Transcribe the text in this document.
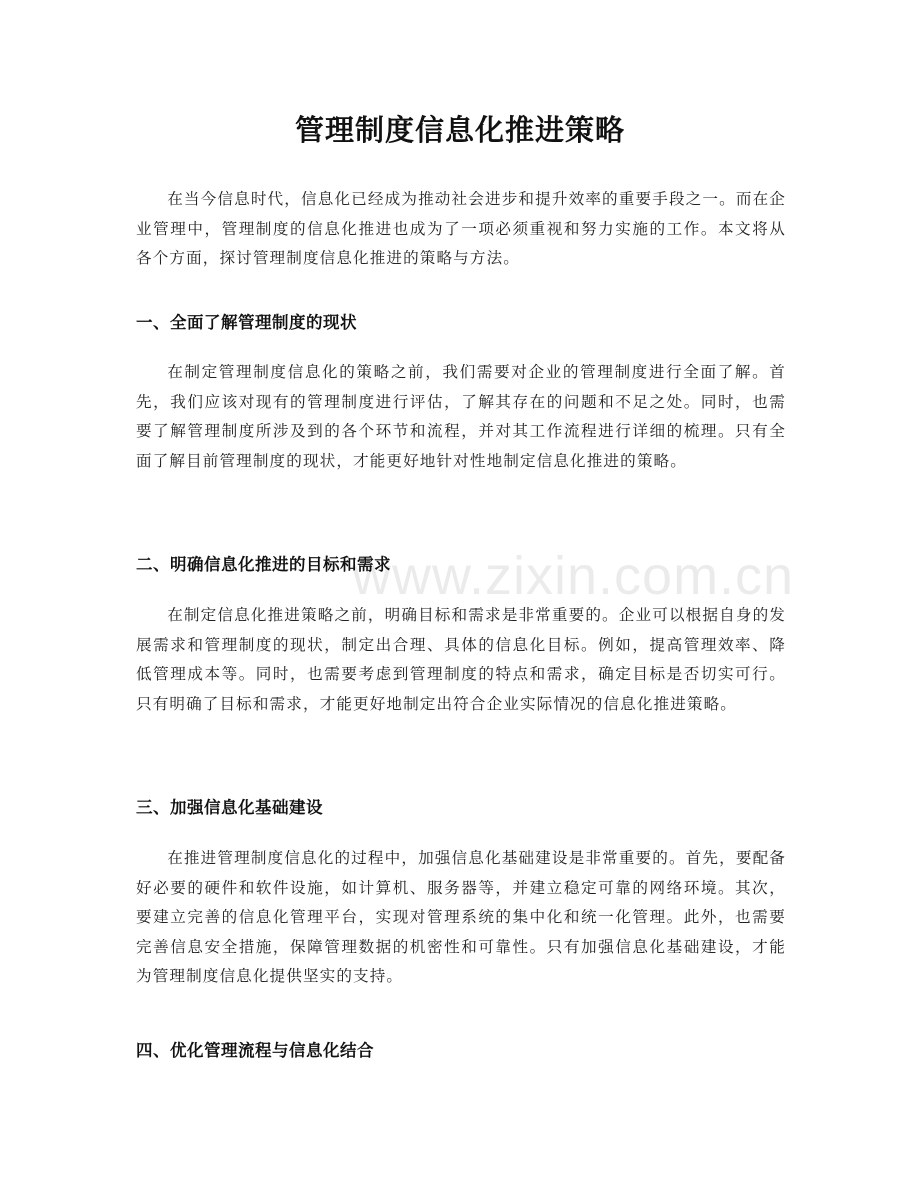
管理制度信息化推进策略

在当今信息时代，信息化已经成为推动社会进步和提升效率的重要手段之一。而在企业管理中，管理制度的信息化推进也成为了一项必须重视和努力实施的工作。本文将从各个方面，探讨管理制度信息化推进的策略与方法。

一、全面了解管理制度的现状

在制定管理制度信息化的策略之前，我们需要对企业的管理制度进行全面了解。首先，我们应该对现有的管理制度进行评估，了解其存在的问题和不足之处。同时，也需要了解管理制度所涉及到的各个环节和流程，并对其工作流程进行详细的梳理。只有全面了解目前管理制度的现状，才能更好地针对性地制定信息化推进的策略。

二、明确信息化推进的目标和需求

在制定信息化推进策略之前，明确目标和需求是非常重要的。企业可以根据自身的发展需求和管理制度的现状，制定出合理、具体的信息化目标。例如，提高管理效率、降低管理成本等。同时，也需要考虑到管理制度的特点和需求，确定目标是否切实可行。只有明确了目标和需求，才能更好地制定出符合企业实际情况的信息化推进策略。

三、加强信息化基础建设

在推进管理制度信息化的过程中，加强信息化基础建设是非常重要的。首先，要配备好必要的硬件和软件设施，如计算机、服务器等，并建立稳定可靠的网络环境。其次，要建立完善的信息化管理平台，实现对管理系统的集中化和统一化管理。此外，也需要完善信息安全措施，保障管理数据的机密性和可靠性。只有加强信息化基础建设，才能为管理制度信息化提供坚实的支持。

四、优化管理流程与信息化结合
www.zixin.com.cn
